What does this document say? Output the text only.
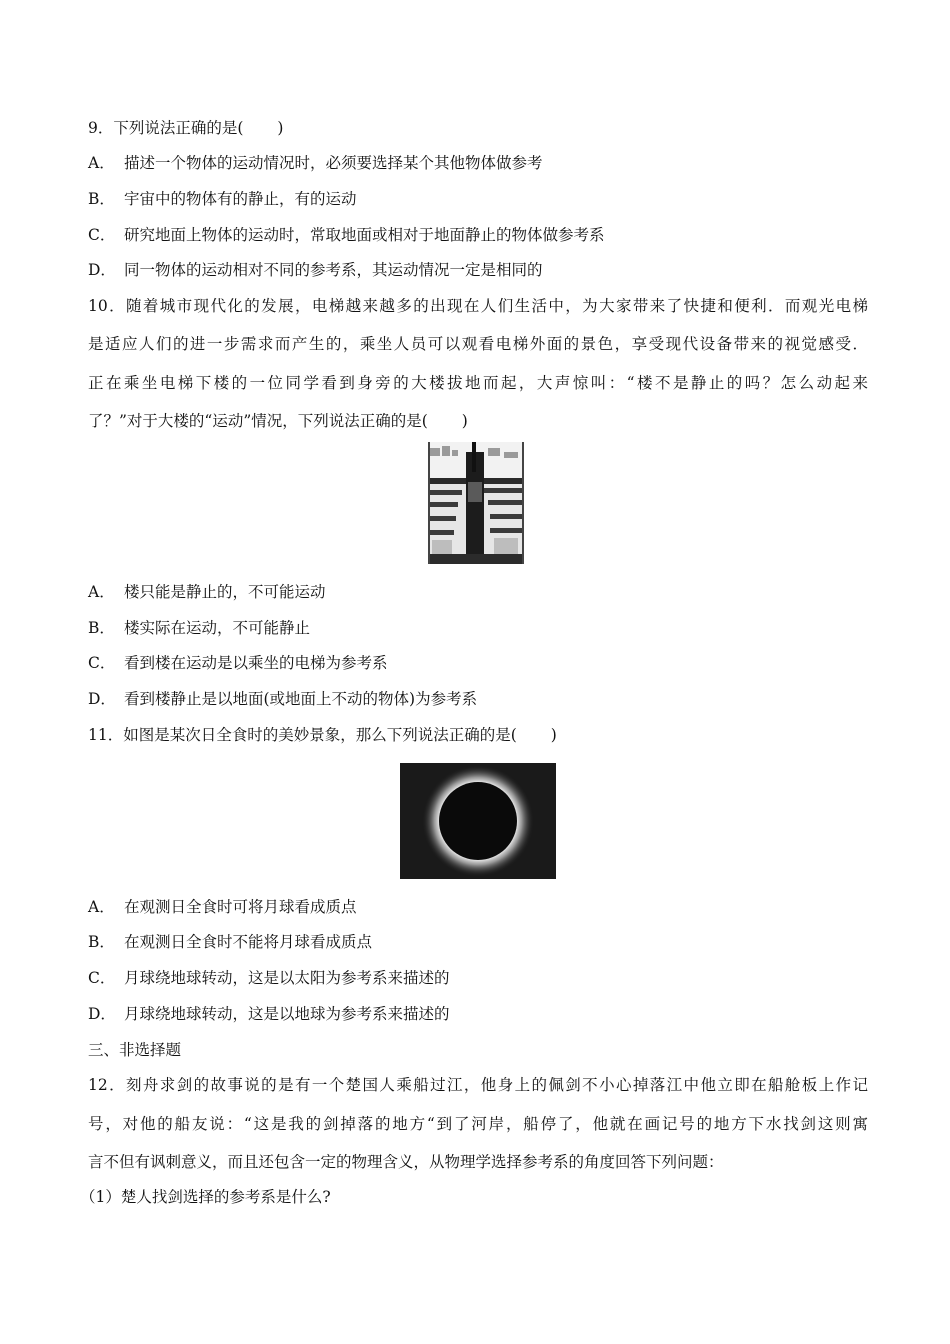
9．下列说法正确的是( )
A． 描述一个物体的运动情况时，必须要选择某个其他物体做参考
B． 宇宙中的物体有的静止，有的运动
C． 研究地面上物体的运动时，常取地面或相对于地面静止的物体做参考系
D． 同一物体的运动相对不同的参考系，其运动情况一定是相同的
10．随着城市现代化的发展，电梯越来越多的出现在人们生活中，为大家带来了快捷和便利．而观光电梯
是适应人们的进一步需求而产生的，乘坐人员可以观看电梯外面的景色，享受现代设备带来的视觉感受．
正在乘坐电梯下楼的一位同学看到身旁的大楼拔地而起，大声惊叫：“楼不是静止的吗？怎么动起来
了？”对于大楼的“运动”情况，下列说法正确的是( )
A． 楼只能是静止的，不可能运动
B． 楼实际在运动，不可能静止
C． 看到楼在运动是以乘坐的电梯为参考系
D． 看到楼静止是以地面(或地面上不动的物体)为参考系
11．如图是某次日全食时的美妙景象，那么下列说法正确的是( )
A． 在观测日全食时可将月球看成质点
B． 在观测日全食时不能将月球看成质点
C． 月球绕地球转动，这是以太阳为参考系来描述的
D． 月球绕地球转动，这是以地球为参考系来描述的
三、非选择题
12．刻舟求剑的故事说的是有一个楚国人乘船过江，他身上的佩剑不小心掉落江中他立即在船舱板上作记
号，对他的船友说：“这是我的剑掉落的地方“到了河岸，船停了，他就在画记号的地方下水找剑这则寓
言不但有讽刺意义，而且还包含一定的物理含义，从物理学选择参考系的角度回答下列问题：
（1）楚人找剑选择的参考系是什么?
